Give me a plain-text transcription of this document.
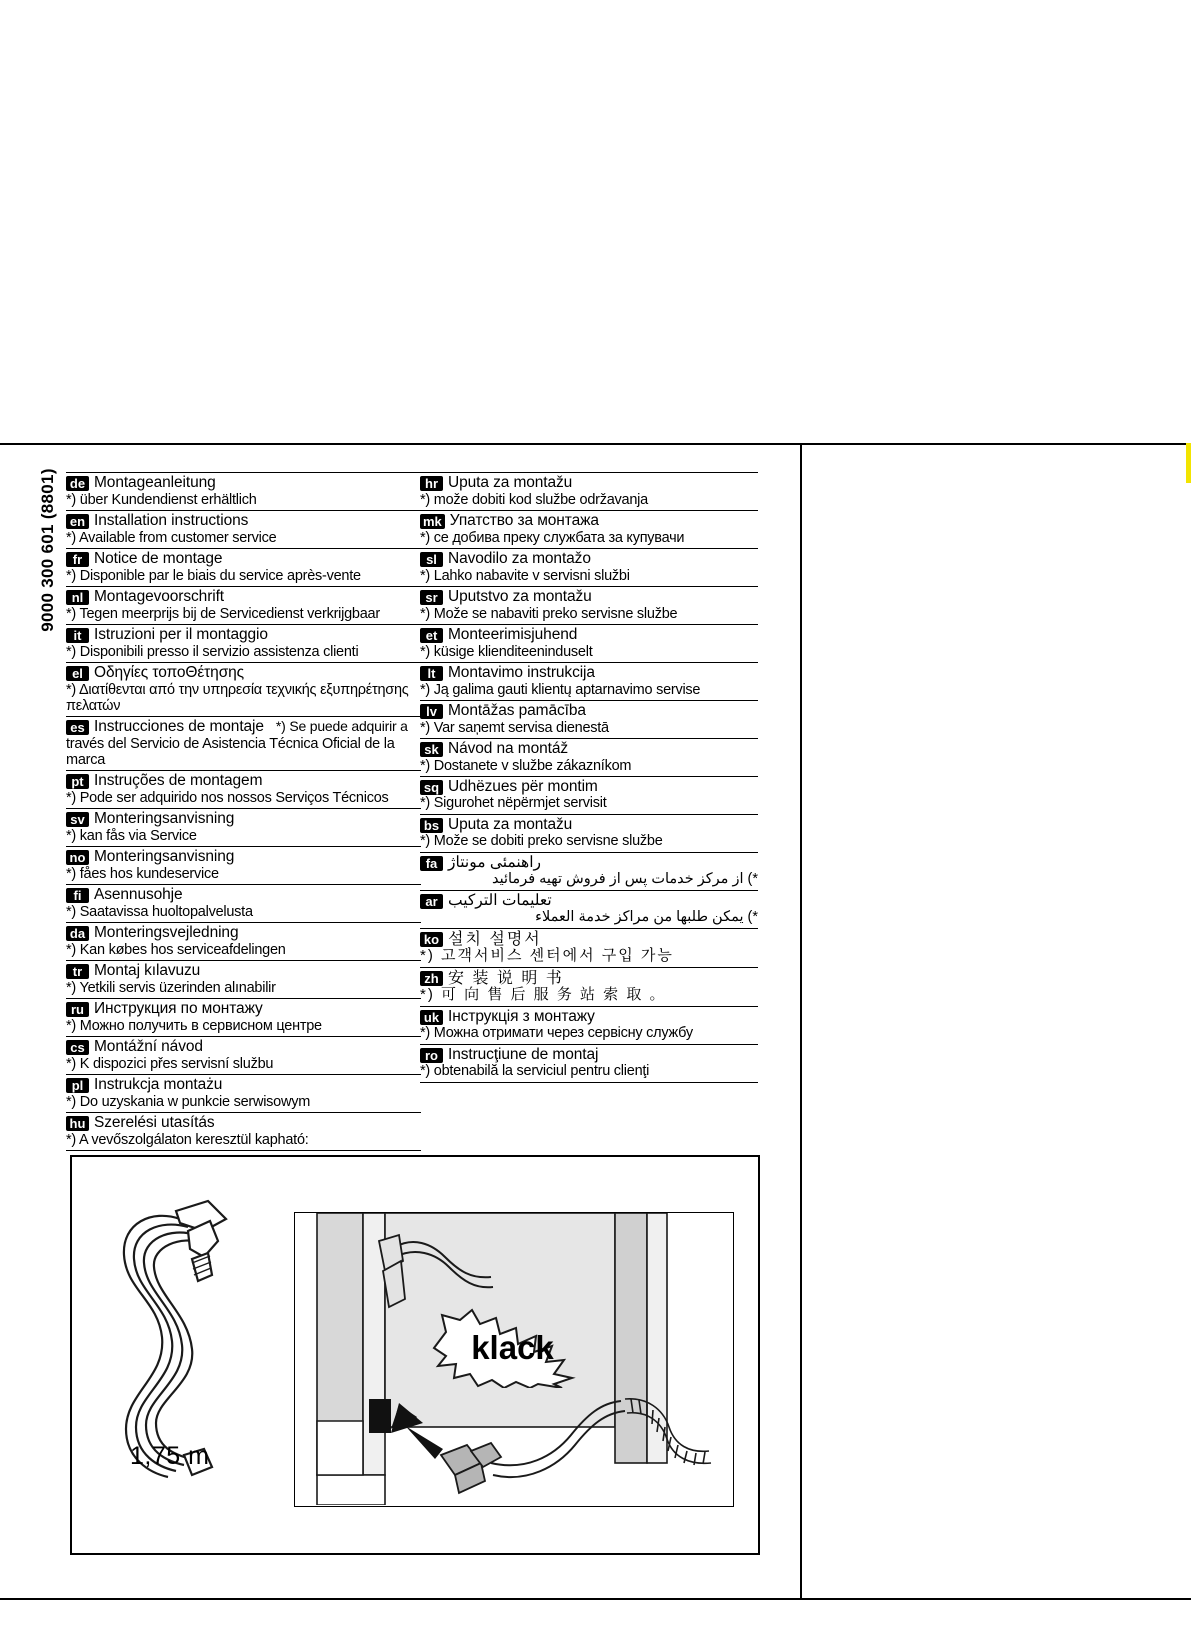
9000 300 601 (8801) de Montageanleitung
*) über Kundendienst erhältlich
en Installation instructions
*) Available from customer service
fr Notice de montage
*) Disponible par le biais du service après-vente
nl Montagevoorschrift
*) Tegen meerprijs bij de Servicedienst verkrijgbaar
it Istruzioni per il montaggio
*) Disponibili presso il servizio assistenza clienti
el Οδηγίες τοποΘέτησης
*) Διατίθενται από την υπηρεσία τεχνικής εξυπηρέτησης πελατών
es Instrucciones de montaje *) Se puede adquirir a
través del Servicio de Asistencia Técnica Oficial de la marca
pt Instruções de montagem
*) Pode ser adquirido nos nossos Serviços Técnicos
sv Monteringsanvisning
*) kan fås via Service
no Monteringsanvisning
*) fåes hos kundeservice
fi Asennusohje
*) Saatavissa huoltopalvelusta
da Monteringsvejledning
*) Kan købes hos serviceafdelingen
tr Montaj kılavuzu
*) Yetkili servis üzerinden alınabilir
ru Инструкция по монтажу
*) Можно получить в сервисном центре
cs Montážní návod
*) K dispozici přes servisní službu
pl Instrukcja montażu
*) Do uzyskania w punkcie serwisowym
hu Szerelési utasítás
*) A vevőszolgálaton keresztül kapható:
hr Uputa za montažu
*) može dobiti kod službe održavanja
mk Упатство за монтажа
*) се добива преку службата за купувачи
sl Navodilo za montažo
*) Lahko nabavite v servisni službi
sr Uputstvo za montažu
*) Može se nabaviti preko servisne službe
et Monteerimisjuhend
*) küsige klienditeeninduselt
lt Montavimo instrukcija
*) Ją galima gauti klientų aptarnavimo servise
lv Montāžas pamācība
*) Var saņemt servisa dienestā
sk Návod na montáž
*) Dostanete v službe zákazníkom
sq Udhëzues për montim
*) Sigurohet nëpërmjet servisit
bs Uputa za montažu
*) Može se dobiti preko servisne službe
fa راهنمئی مونتاژ
*) از مرکز خدمات پس از فروش تهیه فرمائید
ar تعليمات التركيب
*) يمكن طلبها من مراكز خدمة العملاء
ko 설치 설명서
*) 고객서비스 센터에서 구입 가능
zh 安 装 说 明 书
*) 可 向 售 后 服 务 站 索 取 。
uk Інструкція з монтажу
*) Можна отримати через сервісну службу
ro Instrucţiune de montaj
*) obtenabilă la serviciul pentru clienţi
1,75 m
klack
